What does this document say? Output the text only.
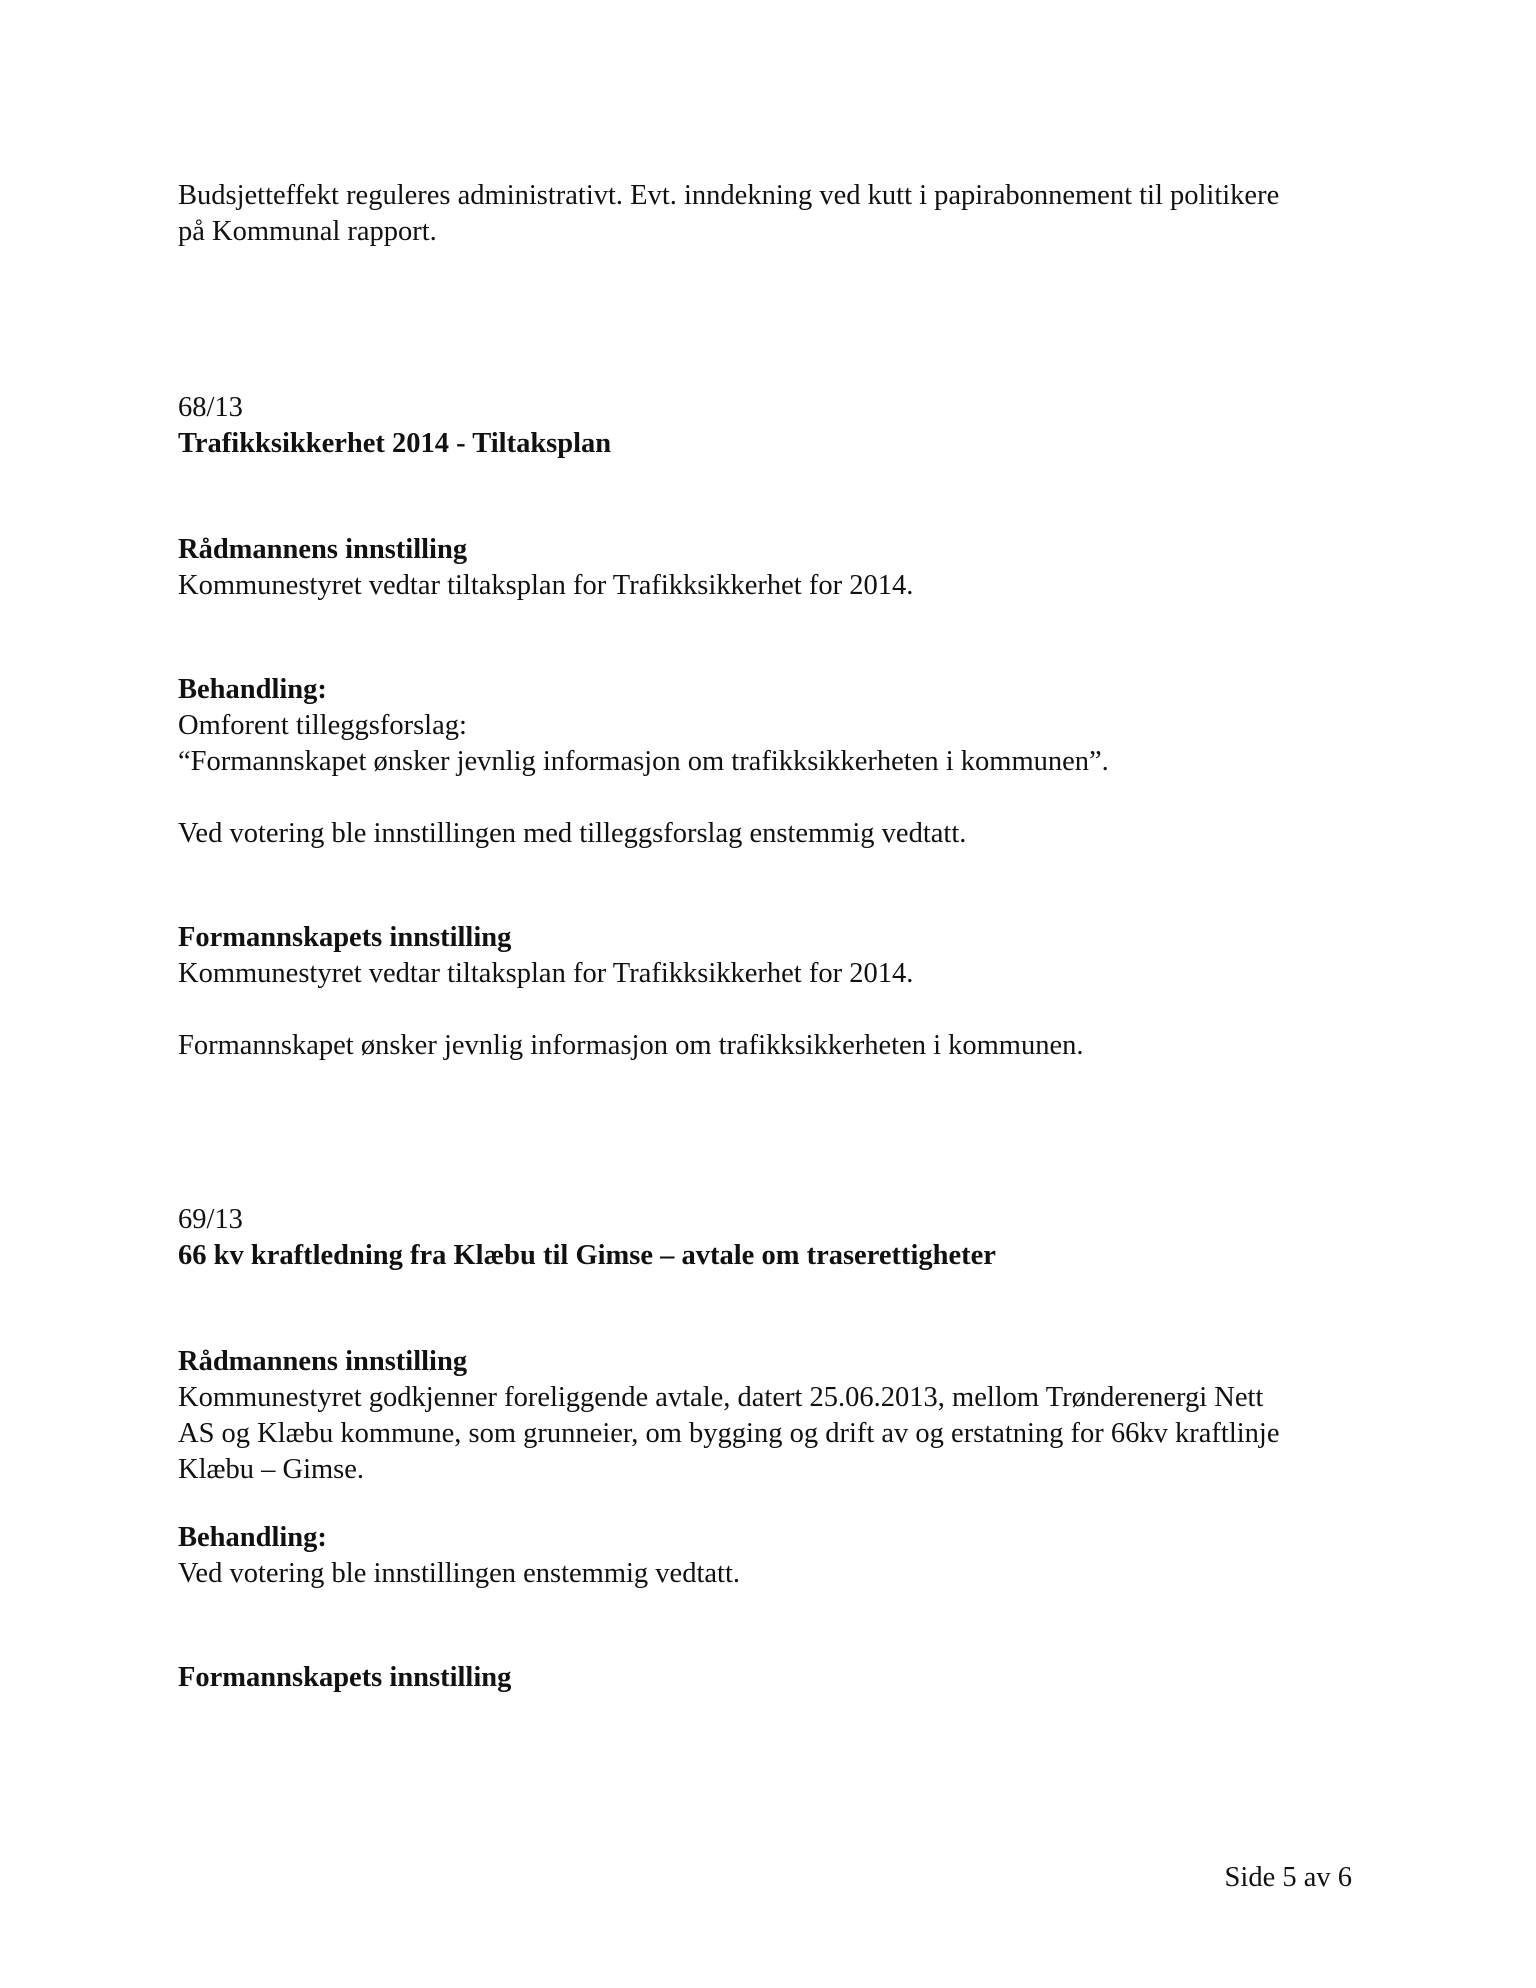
Budsjetteffekt reguleres administrativt. Evt. inndekning ved kutt i papirabonnement til politikere

på Kommunal rapport.

68/13

Trafikksikkerhet 2014 - Tiltaksplan

Rådmannens innstilling

Kommunestyret vedtar tiltaksplan for Trafikksikkerhet for 2014.

Behandling:

Omforent tilleggsforslag:

“Formannskapet ønsker jevnlig informasjon om trafikksikkerheten i kommunen”.

Ved votering ble innstillingen med tilleggsforslag enstemmig vedtatt.

Formannskapets innstilling

Kommunestyret vedtar tiltaksplan for Trafikksikkerhet for 2014.

Formannskapet ønsker jevnlig informasjon om trafikksikkerheten i kommunen.

69/13

66 kv kraftledning fra Klæbu til Gimse – avtale om traserettigheter

Rådmannens innstilling

Kommunestyret godkjenner foreliggende avtale, datert 25.06.2013, mellom Trønderenergi Nett

AS og Klæbu kommune, som grunneier, om bygging og drift av og erstatning for 66kv kraftlinje

Klæbu – Gimse.

Behandling:

Ved votering ble innstillingen enstemmig vedtatt.

Formannskapets innstilling

Side 5 av 6
